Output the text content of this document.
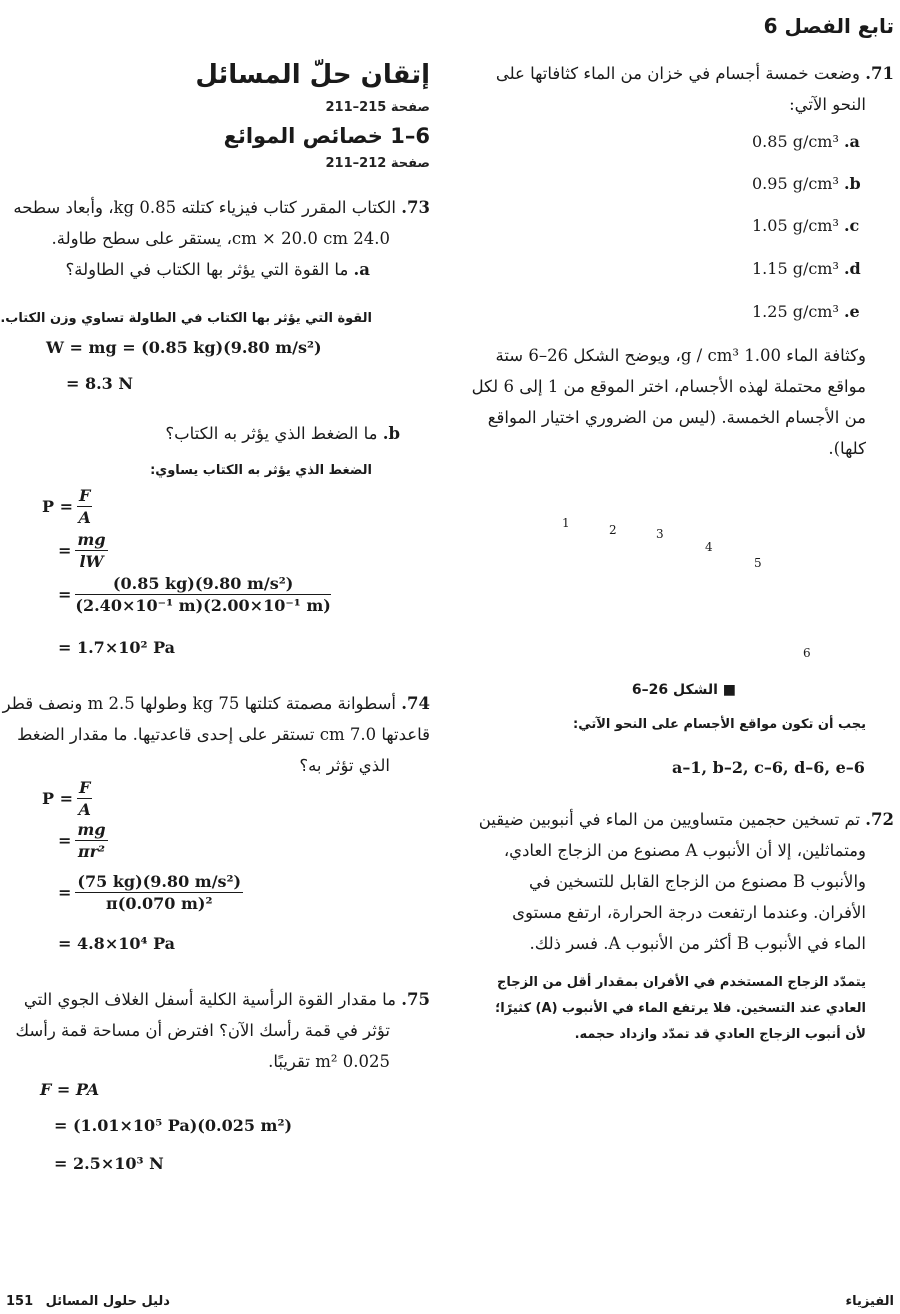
تابع الفصل 6
إتقان حلّ المسائل
صفحة 215–211
6–1 خصائص الموائع
صفحة 212–211
73. الكتاب المقرر كتاب فيزياء كتلته 0.85 kg، وأبعاد سطحه
24.0 cm × 20.0 cm، يستقر على سطح طاولة.
a. ما القوة التي يؤثر بها الكتاب في الطاولة؟
القوة التي يؤثر بها الكتاب في الطاولة تساوي وزن الكتاب.
W = mg = (0.85 kg)(9.80 m/s²)
= 8.3 N
b. ما الضغط الذي يؤثر به الكتاب؟
الضغط الذي يؤثر به الكتاب يساوي:
$P = \frac{F}{A}$
= $\frac{mg}{lW}$
= $\frac{\text{(0.85 kg)(9.80 m/s²)}}{\text{(2.40×10⁻¹ m)(2.00×10⁻¹ m)}}$
= 1.7×10² Pa
74. أسطوانة مصمتة كتلتها 75 kg وطولها 2.5 m ونصف قطر
قاعدتها 7.0 cm تستقر على إحدى قاعدتيها. ما مقدار الضغط
الذي تؤثر به؟
$P = \frac{F}{A}$
= $\frac{mg}{\text{πr²}}$
= $\frac{\text{(75 kg)(9.80 m/s²)}}{\text{π(0.070 m)²}}$
= 4.8×10⁴ Pa
75. ما مقدار القوة الرأسية الكلية أسفل الغلاف الجوي التي
تؤثر في قمة رأسك الآن؟ افترض أن مساحة قمة رأسك
0.025 m² تقريبًا.
F = PA
= (1.01×10⁵ Pa)(0.025 m²)
= 2.5×10³ N
71. وضعت خمسة أجسام في خزان من الماء كثافاتها على
النحو الآتي:
0.85 g/cm³ .a
0.95 g/cm³ .b
1.05 g/cm³ .c
1.15 g/cm³ .d
1.25 g/cm³ .e
وكثافة الماء 1.00 g / cm³، ويوضح الشكل 26–6 ستة
مواقع محتملة لهذه الأجسام، اختر الموقع من 1 إلى 6 لكل
من الأجسام الخمسة. (ليس من الضروري اختيار المواقع
كلها).
1	2	3
4
5
6
■ الشكل 26–6
يجب أن تكون مواقع الأجسام على النحو الآتي:
a–1, b–2, c–6, d–6, e–6
72. تم تسخين حجمين متساويين من الماء في أنبوبين ضيقين
ومتماثلين، إلا أن الأنبوب A مصنوع من الزجاج العادي،
والأنبوب B مصنوع من الزجاج القابل للتسخين في
الأفران. وعندما ارتفعت درجة الحرارة، ارتفع مستوى
الماء في الأنبوب B أكثر من الأنبوب A. فسر ذلك.
يتمدّد الزجاج المستخدم في الأفران بمقدار أقل من الزجاج
العادي عند التسخين. فلا يرتفع الماء في الأنبوب (A) كثيرًا؛
لأن أنبوب الزجاج العادي قد تمدّد وازداد حجمه.
151 دليل حلول المسائل	الفيزياء
